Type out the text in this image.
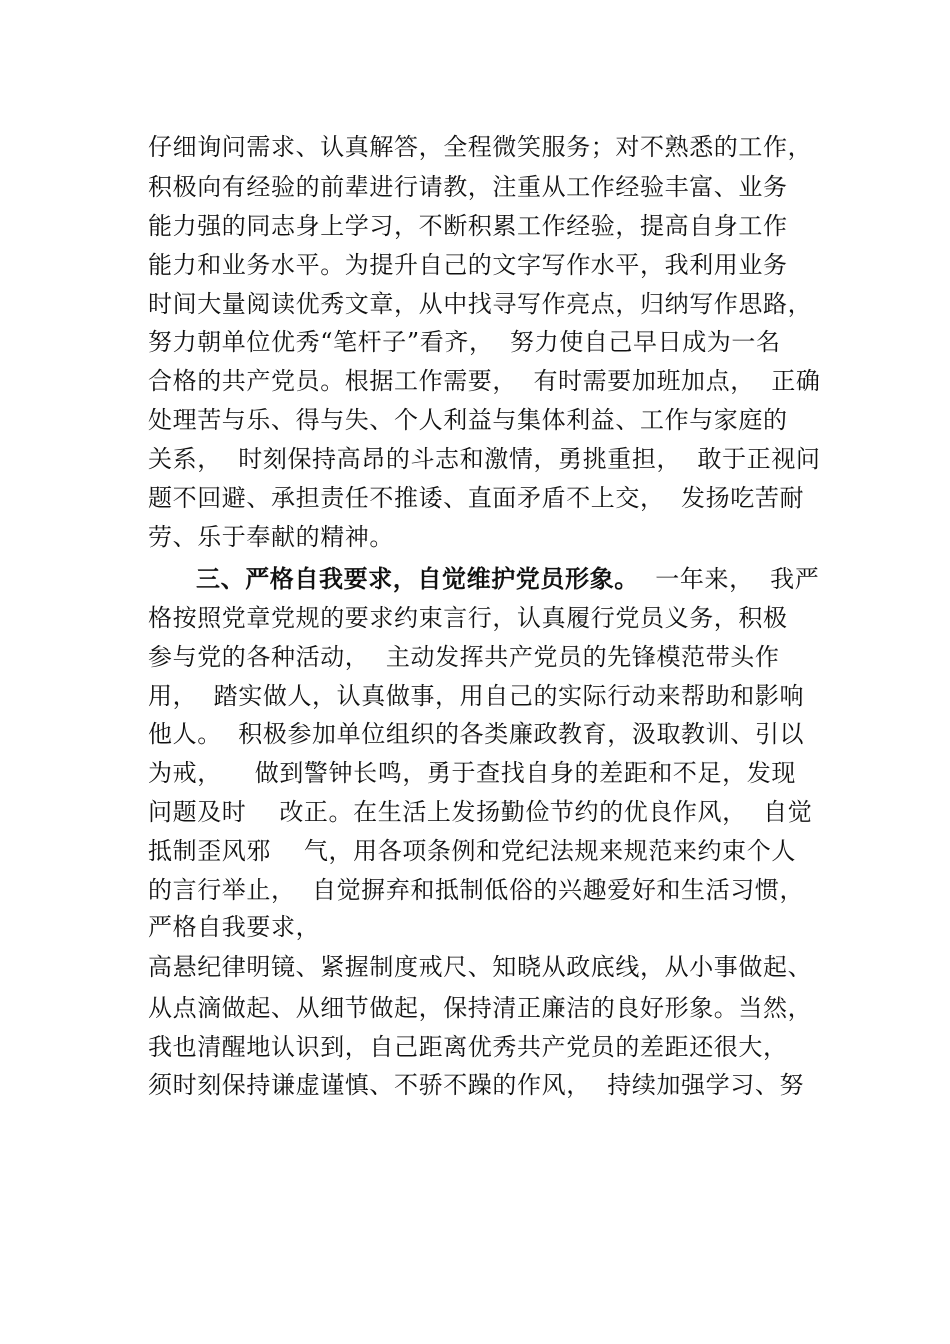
仔细询问需求、认真解答，全程微笑服务；对不熟悉的工作，
积极向有经验的前辈进行请教，注重从工作经验丰富、业务
能力强的同志身上学习，不断积累工作经验，提高自身工作
能力和业务水平。为提升自己的文字写作水平，我利用业务
时间大量阅读优秀文章，从中找寻写作亮点，归纳写作思路，
努力朝单位优秀“笔杆子”看齐，  努力使自己早日成为一名
合格的共产党员。根据工作需要，  有时需要加班加点，  正确
处理苦与乐、得与失、个人利益与集体利益、工作与家庭的
关系，  时刻保持高昂的斗志和激情，勇挑重担，  敢于正视问
题不回避、承担责任不推诿、直面矛盾不上交，  发扬吃苦耐
劳、乐于奉献的精神。
三、严格自我要求，自觉维护党员形象。  一年来，  我严
格按照党章党规的要求约束言行，认真履行党员义务，积极
参与党的各种活动，  主动发挥共产党员的先锋模范带头作
用，  踏实做人，认真做事，用自己的实际行动来帮助和影响
他人。  积极参加单位组织的各类廉政教育，汲取教训、引以
为戒，    做到警钟长鸣，勇于查找自身的差距和不足，发现
问题及时    改正。在生活上发扬勤俭节约的优良作风，  自觉
抵制歪风邪    气，用各项条例和党纪法规来规范来约束个人
的言行举止，  自觉摒弃和抵制低俗的兴趣爱好和生活习惯，
严格自我要求，
高悬纪律明镜、紧握制度戒尺、知晓从政底线，从小事做起、
从点滴做起、从细节做起，保持清正廉洁的良好形象。当然，
我也清醒地认识到，自己距离优秀共产党员的差距还很大，
须时刻保持谦虚谨慎、不骄不躁的作风，  持续加强学习、努
